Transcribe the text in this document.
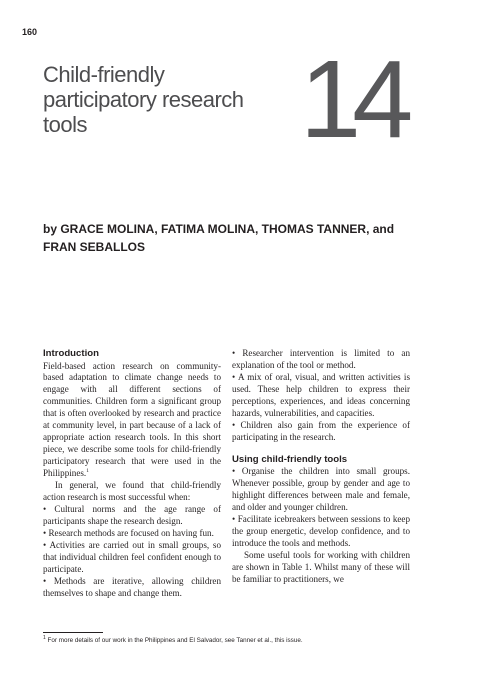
160
Child-friendly
participatory research
tools	14
by GRACE MOLINA, FATIMA MOLINA, THOMAS TANNER, and
FRAN SEBALLOS
Introduction

Field-based action research on community-based adaptation to climate change needs to engage with all different sections of communities. Children form a significant group that is often overlooked by research and practice at community level, in part because of a lack of appropriate action research tools. In this short piece, we describe some tools for child-friendly participatory research that were used in the Philippines.$^1$

In general, we found that child-friendly action research is most successful when:

• Cultural norms and the age range of participants shape the research design.

• Research methods are focused on having fun.

• Activities are carried out in small groups, so that individual children feel confident enough to participate.

• Methods are iterative, allowing children themselves to shape and change them.

• Researcher intervention is limited to an explanation of the tool or method.

• A mix of oral, visual, and written activities is used. These help children to express their perceptions, experiences, and ideas concerning hazards, vulnerabilities, and capacities.

• Children also gain from the experience of participating in the research.

Using child-friendly tools

• Organise the children into small groups. Whenever possible, group by gender and age to highlight differences between male and female, and older and younger children.

• Facilitate icebreakers between sessions to keep the group energetic, develop confidence, and to introduce the tools and methods.

Some useful tools for working with children are shown in Table 1. Whilst many of these will be familiar to practitioners, we

$^1$ For more details of our work in the Philippines and El Salvador, see Tanner et al., this issue.
